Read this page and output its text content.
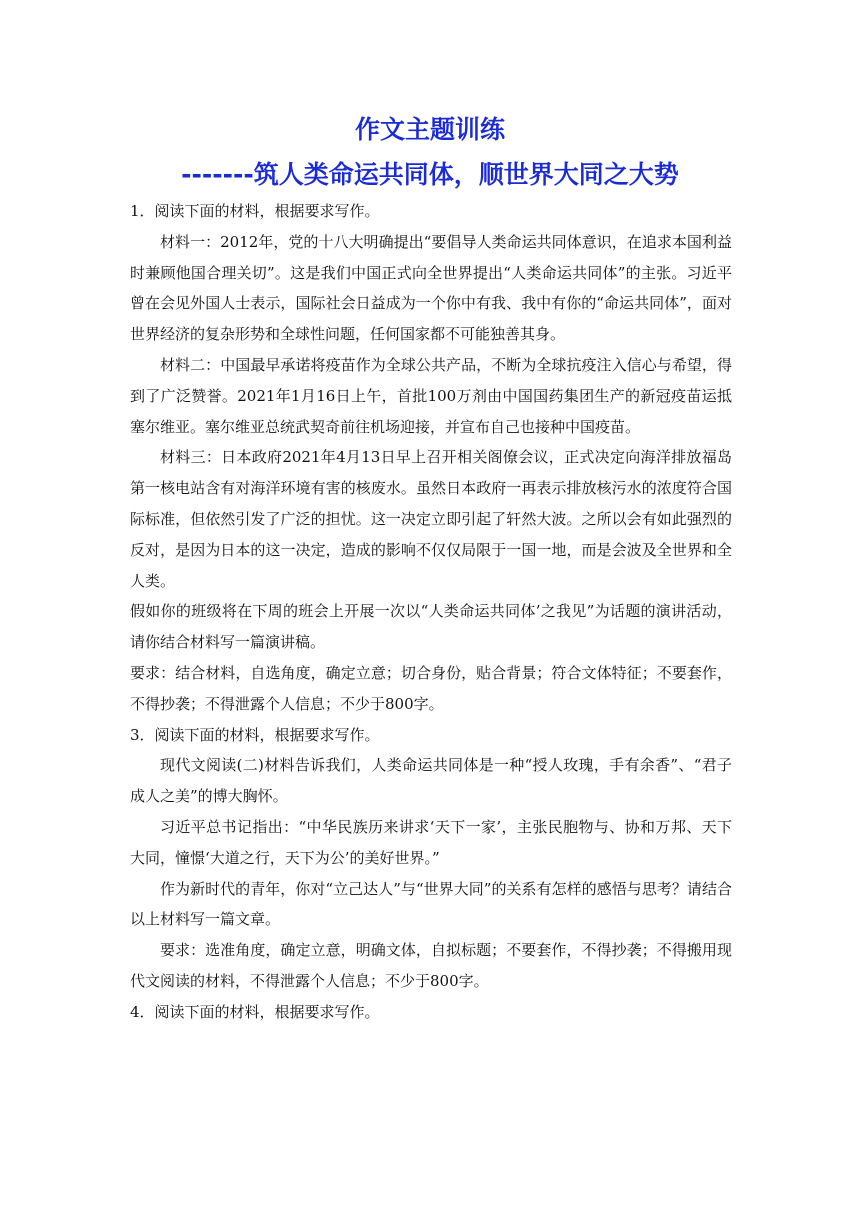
作文主题训练
-------筑人类命运共同体，顺世界大同之大势

1．阅读下面的材料，根据要求写作。

材料一：2012年，党的十八大明确提出“要倡导人类命运共同体意识，在追求本国利益时兼顾他国合理关切”。这是我们中国正式向全世界提出“人类命运共同体”的主张。习近平曾在会见外国人士表示，国际社会日益成为一个你中有我、我中有你的“命运共同体”，面对世界经济的复杂形势和全球性问题，任何国家都不可能独善其身。

材料二：中国最早承诺将疫苗作为全球公共产品，不断为全球抗疫注入信心与希望，得到了广泛赞誉。2021年1月16日上午，首批100万剂由中国国药集团生产的新冠疫苗运抵塞尔维亚。塞尔维亚总统武契奇前往机场迎接，并宣布自己也接种中国疫苗。

材料三：日本政府2021年4月13日早上召开相关阁僚会议，正式决定向海洋排放福岛第一核电站含有对海洋环境有害的核废水。虽然日本政府一再表示排放核污水的浓度符合国际标准，但依然引发了广泛的担忧。这一决定立即引起了轩然大波。之所以会有如此强烈的反对，是因为日本的这一决定，造成的影响不仅仅局限于一国一地，而是会波及全世界和全人类。

假如你的班级将在下周的班会上开展一次以“人类命运共同体’之我见”为话题的演讲活动，请你结合材料写一篇演讲稿。

要求：结合材料，自选角度，确定立意；切合身份，贴合背景；符合文体特征；不要套作，不得抄袭；不得泄露个人信息；不少于800字。

3．阅读下面的材料，根据要求写作。

现代文阅读(二)材料告诉我们，人类命运共同体是一种“授人玫瑰，手有余香”、“君子成人之美”的博大胸怀。

习近平总书记指出：“中华民族历来讲求‘天下一家’，主张民胞物与、协和万邦、天下大同，憧憬‘大道之行，天下为公’的美好世界。”

作为新时代的青年，你对“立己达人”与“世界大同”的关系有怎样的感悟与思考？请结合以上材料写一篇文章。

要求：选准角度，确定立意，明确文体，自拟标题；不要套作，不得抄袭；不得搬用现代文阅读的材料，不得泄露个人信息；不少于800字。

4．阅读下面的材料，根据要求写作。
